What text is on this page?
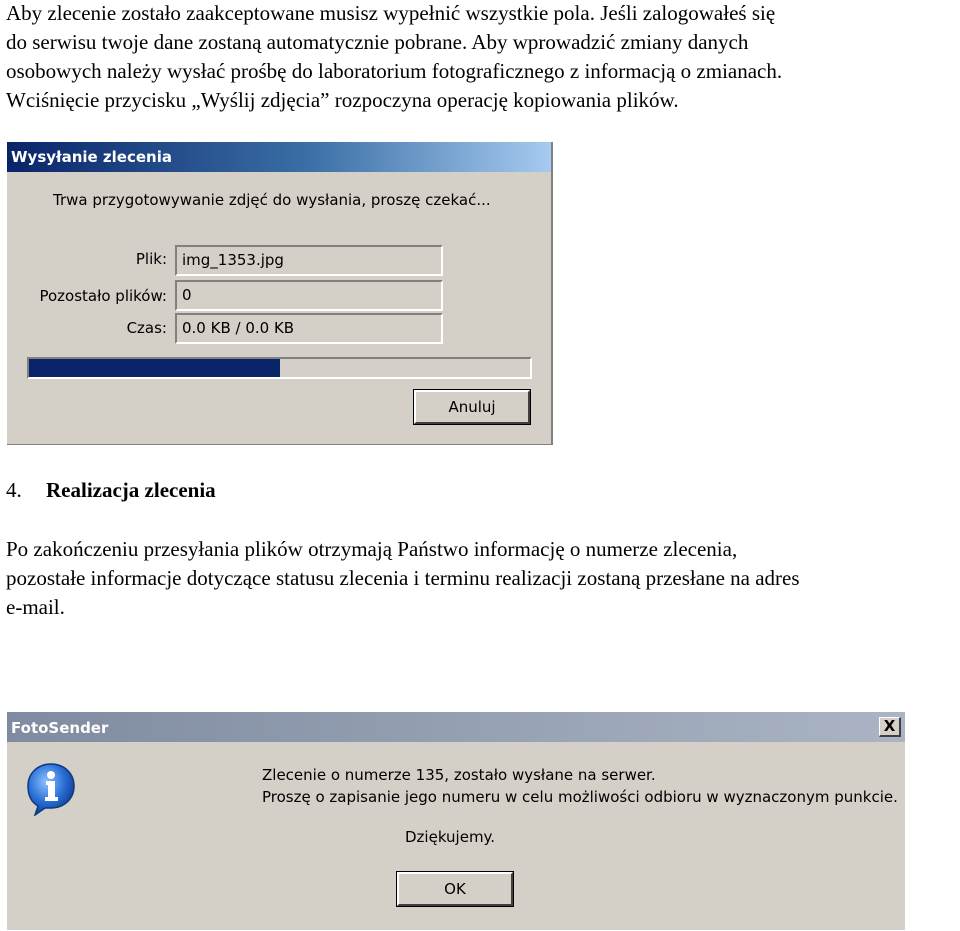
Aby zlecenie zostało zaakceptowane musisz wypełnić wszystkie pola. Jeśli zalogowałeś się

do serwisu twoje dane zostaną automatycznie pobrane. Aby wprowadzić zmiany danych

osobowych należy wysłać prośbę do laboratorium fotograficznego z informacją o zmianach.

Wciśnięcie przycisku „Wyślij zdjęcia” rozpoczyna operację kopiowania plików.

Wysyłanie zlecenia
Trwa przygotowywanie zdjęć do wysłania, proszę czekać...
Plik:	img_1353.jpg
Pozostało plików:	0
Czas:	0.0 KB / 0.0 KB
Anuluj
4. Realizacja zlecenia

Po zakończeniu przesyłania plików otrzymają Państwo informację o numerze zlecenia,

pozostałe informacje dotyczące statusu zlecenia i terminu realizacji zostaną przesłane na adres

e-mail.

FotoSender	X
Zlecenie o numerze 135, zostało wysłane na serwer.
Proszę o zapisanie jego numeru w celu możliwości odbioru w wyznaczonym punkcie.
Dziękujemy.
OK
